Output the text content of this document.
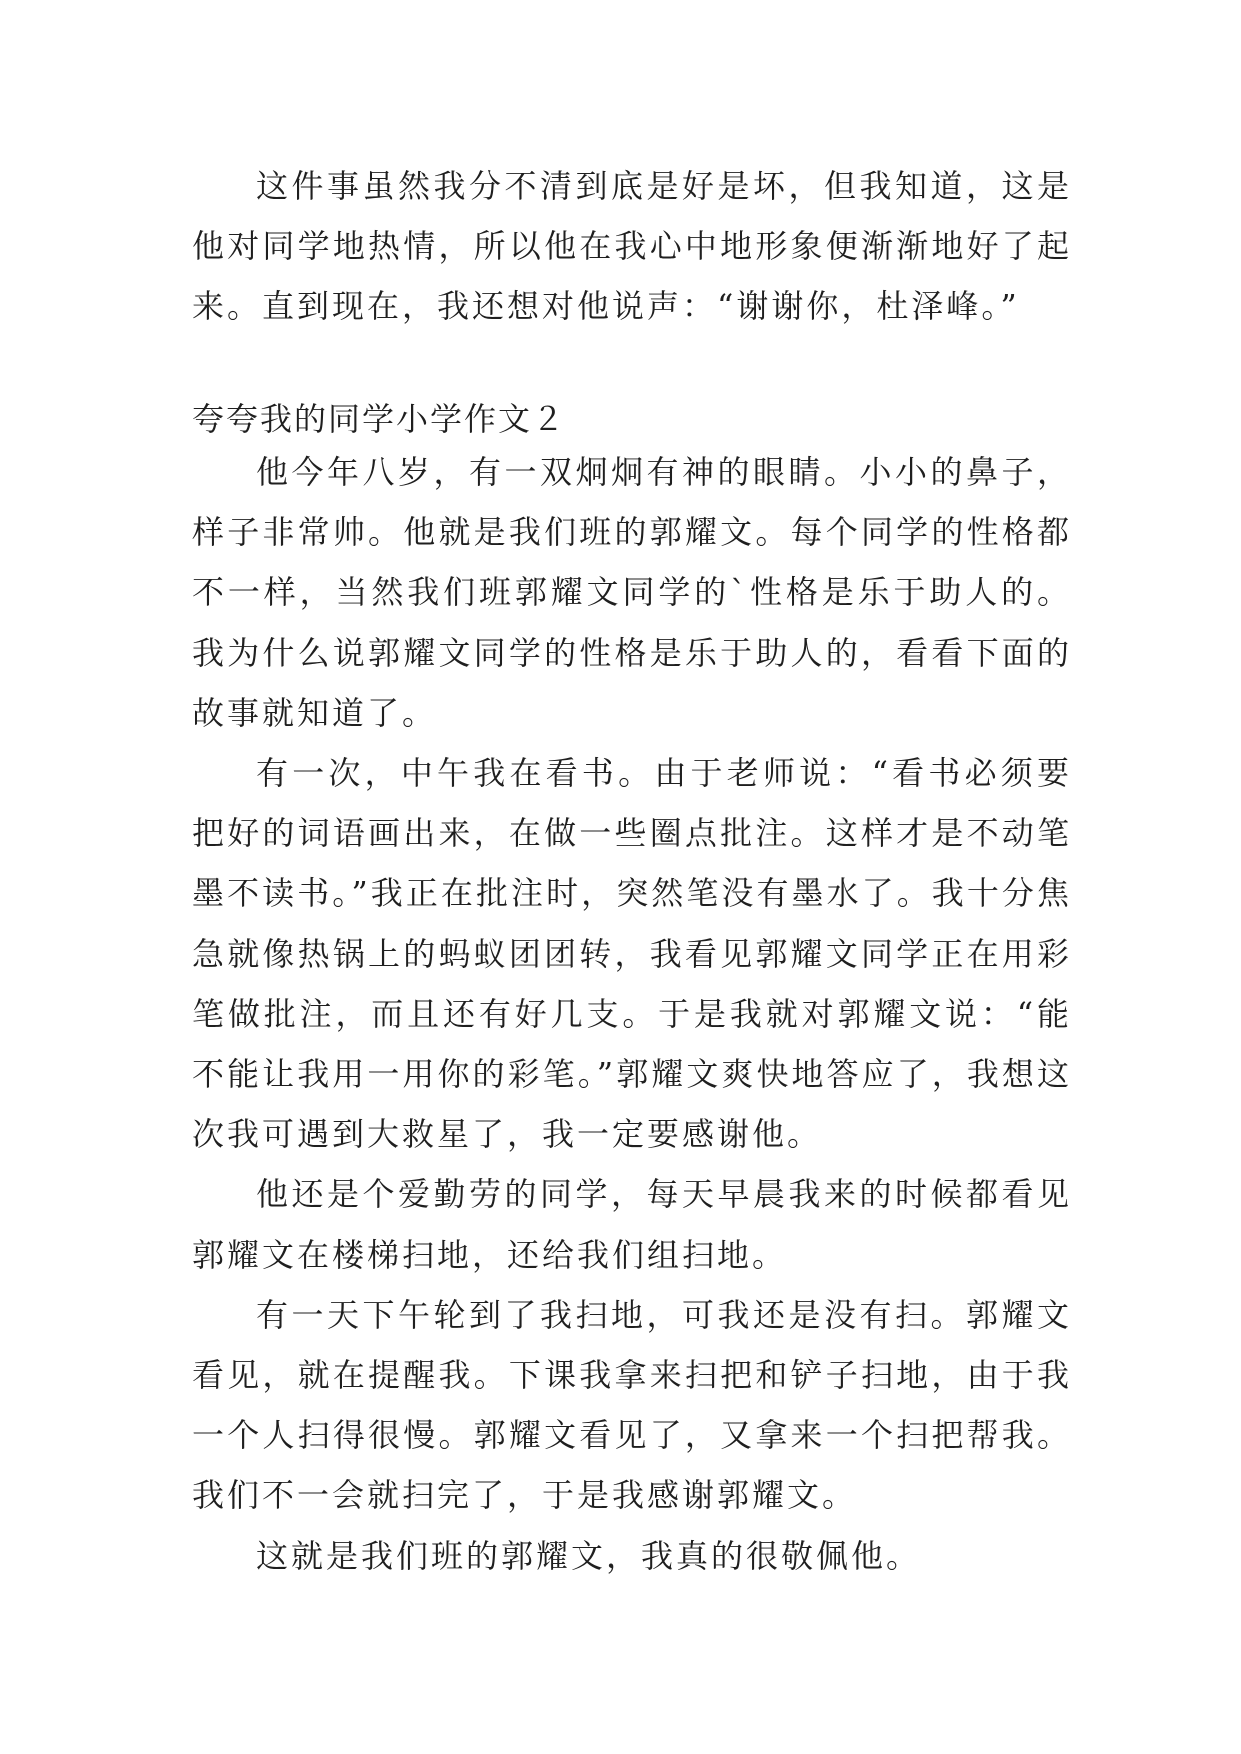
这件事虽然我分不清到底是好是坏，但我知道，这是他对同学地热情，所以他在我心中地形象便渐渐地好了起来。直到现在，我还想对他说声：“谢谢你，杜泽峰。”

夸夸我的同学小学作文２

他今年八岁，有一双炯炯有神的眼睛。小小的鼻子，样子非常帅。他就是我们班的郭耀文。每个同学的性格都不一样，当然我们班郭耀文同学的`性格是乐于助人的。我为什么说郭耀文同学的性格是乐于助人的，看看下面的故事就知道了。

有一次，中午我在看书。由于老师说：“看书必须要把好的词语画出来，在做一些圈点批注。这样才是不动笔墨不读书。”我正在批注时，突然笔没有墨水了。我十分焦急就像热锅上的蚂蚁团团转，我看见郭耀文同学正在用彩笔做批注，而且还有好几支。于是我就对郭耀文说：“能不能让我用一用你的彩笔。”郭耀文爽快地答应了，我想这次我可遇到大救星了，我一定要感谢他。

他还是个爱勤劳的同学，每天早晨我来的时候都看见郭耀文在楼梯扫地，还给我们组扫地。

有一天下午轮到了我扫地，可我还是没有扫。郭耀文看见，就在提醒我。下课我拿来扫把和铲子扫地，由于我一个人扫得很慢。郭耀文看见了，又拿来一个扫把帮我。我们不一会就扫完了，于是我感谢郭耀文。

这就是我们班的郭耀文，我真的很敬佩他。
